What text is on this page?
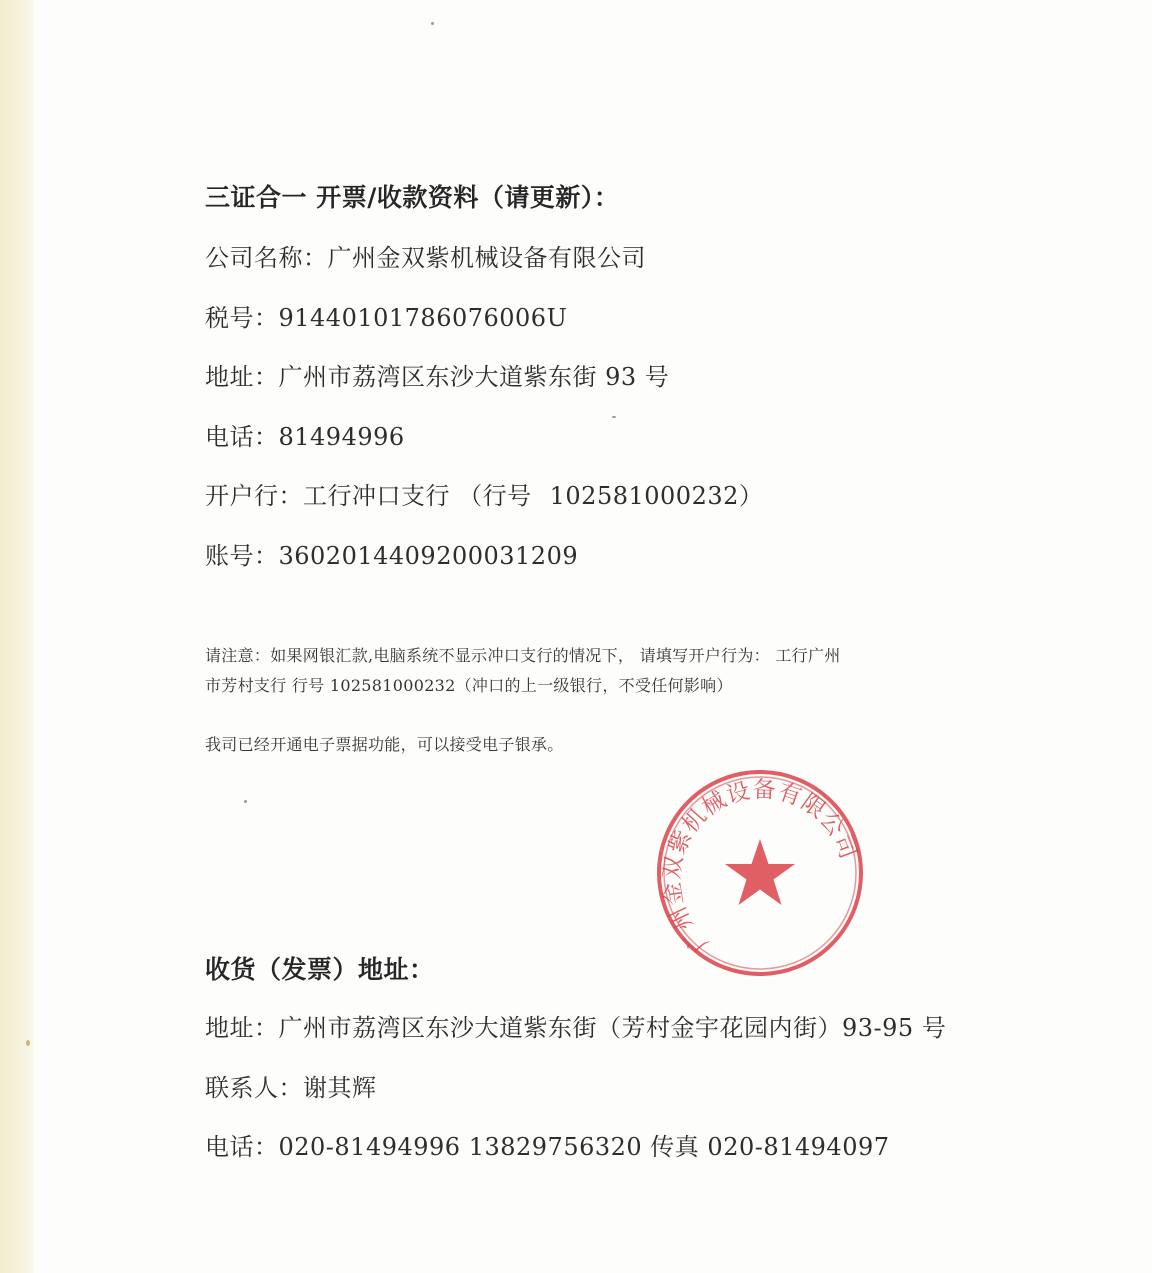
三证合一 开票/收款资料（请更新）：
公司名称：广州金双紫机械设备有限公司
税号：91440101786076006U
地址：广州市荔湾区东沙大道紫东街 93 号
电话：81494996
开户行：工行冲口支行 （行号 102581000232）
账号：3602014409200031209
请注意：如果网银汇款,电脑系统不显示冲口支行的情况下， 请填写开户行为： 工行广州
市芳村支行 行号 102581000232（冲口的上一级银行，不受任何影响）
我司已经开通电子票据功能，可以接受电子银承。
广州金双紫机械设备有限公司
收货（发票）地址：
地址：广州市荔湾区东沙大道紫东街（芳村金宇花园内街）93-95 号
联系人：谢其辉
电话：020-81494996 13829756320 传真 020-81494097
